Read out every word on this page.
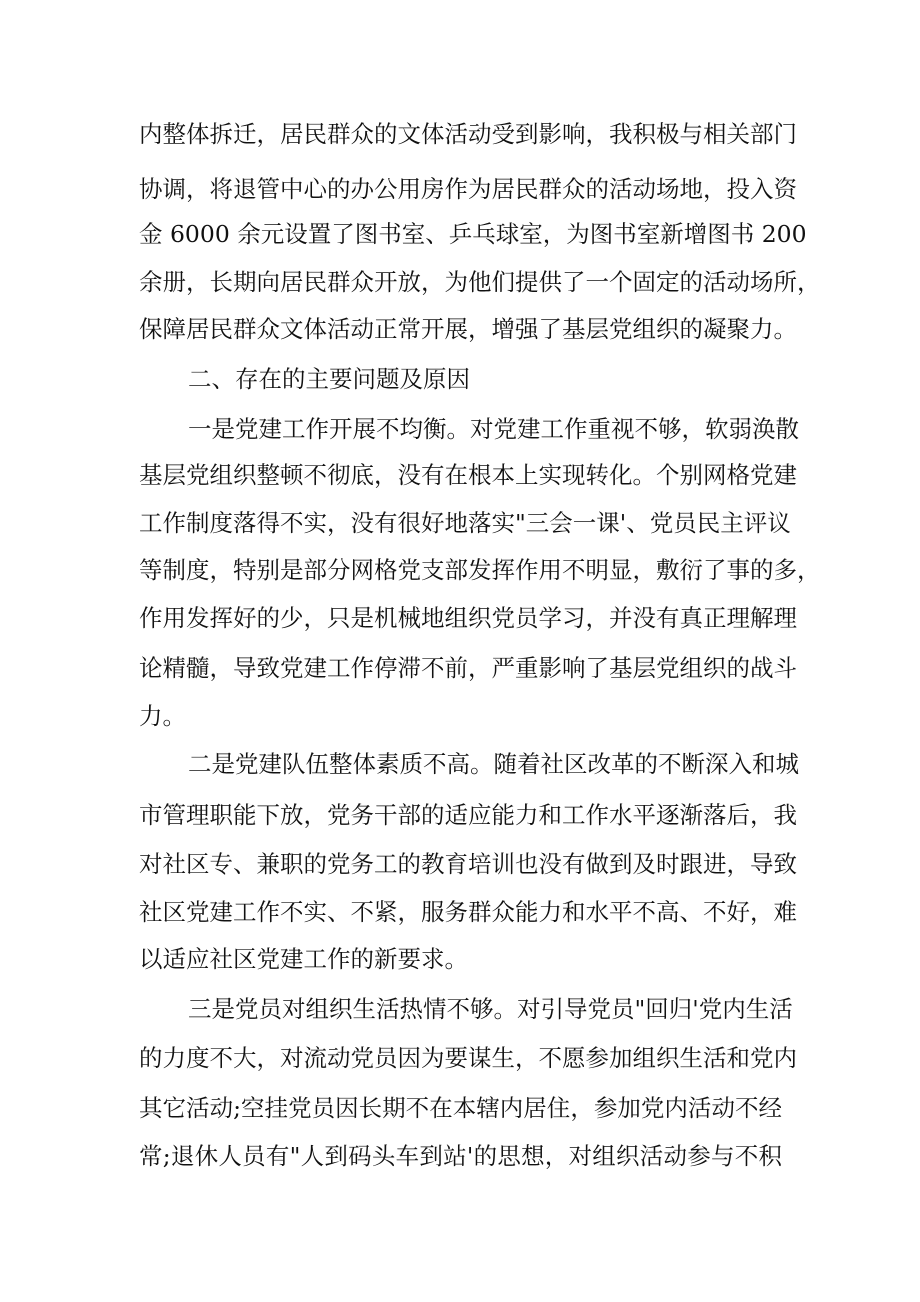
内整体拆迁，居民群众的文体活动受到影响，我积极与相关部门
协调，将退管中心的办公用房作为居民群众的活动场地，投入资
金 6000 余元设置了图书室、乒乓球室，为图书室新增图书 200
余册，长期向居民群众开放，为他们提供了一个固定的活动场所，
保障居民群众文体活动正常开展，增强了基层党组织的凝聚力。
二、存在的主要问题及原因
一是党建工作开展不均衡。对党建工作重视不够，软弱涣散
基层党组织整顿不彻底，没有在根本上实现转化。个别网格党建
工作制度落得不实，没有很好地落实"三会一课'、党员民主评议
等制度，特别是部分网格党支部发挥作用不明显，敷衍了事的多，
作用发挥好的少，只是机械地组织党员学习，并没有真正理解理
论精髓，导致党建工作停滞不前，严重影响了基层党组织的战斗
力。
二是党建队伍整体素质不高。随着社区改革的不断深入和城
市管理职能下放，党务干部的适应能力和工作水平逐渐落后，我
对社区专、兼职的党务工的教育培训也没有做到及时跟进，导致
社区党建工作不实、不紧，服务群众能力和水平不高、不好，难
以适应社区党建工作的新要求。
三是党员对组织生活热情不够。对引导党员"回归'党内生活
的力度不大，对流动党员因为要谋生，不愿参加组织生活和党内
其它活动;空挂党员因长期不在本辖内居住，参加党内活动不经
常;退休人员有"人到码头车到站'的思想，对组织活动参与不积
